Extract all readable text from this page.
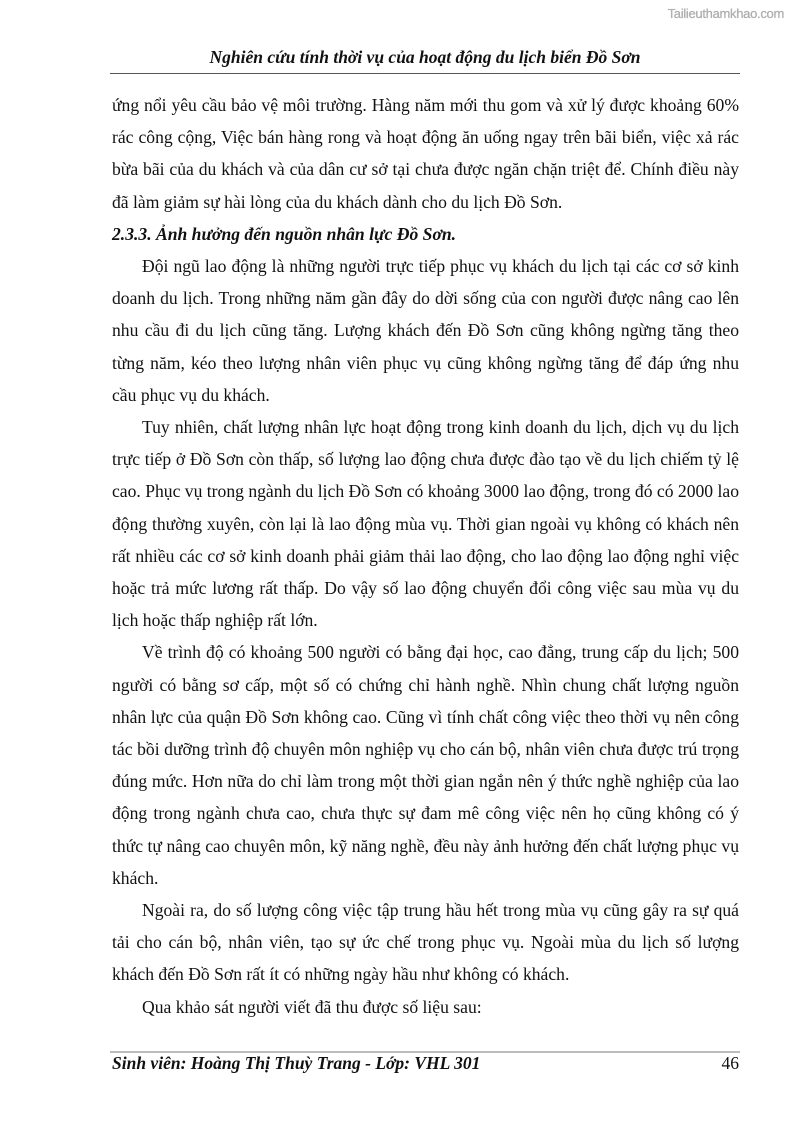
Tailieuthamkhao.com
Nghiên cứu tính thời vụ của hoạt động du lịch biển Đồ Sơn

ứng nổi yêu cầu bảo vệ môi trường. Hàng năm mới thu gom và xử lý được khoảng 60% rác công cộng, Việc bán hàng rong và hoạt động ăn uống ngay trên bãi biển, việc xả rác bừa bãi của du khách và của dân cư sở tại chưa được ngăn chặn triệt để. Chính điều này đã làm giảm sự hài lòng của du khách dành cho du lịch Đồ Sơn.

2.3.3. Ảnh hưởng đến nguồn nhân lực Đồ Sơn.

Đội ngũ lao động là những người trực tiếp phục vụ khách du lịch tại các cơ sở kinh doanh du lịch. Trong những năm gần đây do dời sống của con người được nâng cao lên nhu cầu đi du lịch cũng tăng. Lượng khách đến Đồ Sơn cũng không ngừng tăng theo từng năm, kéo theo lượng nhân viên phục vụ cũng không ngừng tăng để đáp ứng nhu cầu phục vụ du khách.

Tuy nhiên, chất lượng nhân lực hoạt động trong kinh doanh du lịch, dịch vụ du lịch trực tiếp ở Đồ Sơn còn thấp, số lượng lao động chưa được đào tạo về du lịch chiếm tỷ lệ cao. Phục vụ trong ngành du lịch Đồ Sơn có khoảng 3000 lao động, trong đó có 2000 lao động thường xuyên, còn lại là lao động mùa vụ. Thời gian ngoài vụ không có khách nên rất nhiều các cơ sở kinh doanh phải giảm thải lao động, cho lao động lao động nghỉ việc hoặc trả mức lương rất thấp. Do vậy số lao động chuyển đổi công việc sau mùa vụ du lịch hoặc thấp nghiệp rất lớn.

Về trình độ có khoảng 500 người có bằng đại học, cao đẳng, trung cấp du lịch; 500 người có bằng sơ cấp, một số có chứng chỉ hành nghề. Nhìn chung chất lượng nguồn nhân lực của quận Đồ Sơn không cao. Cũng vì tính chất công việc theo thời vụ nên công tác bồi dưỡng trình độ chuyên môn nghiệp vụ cho cán bộ, nhân viên chưa được trú trọng đúng mức. Hơn nữa do chỉ làm trong một thời gian ngắn nên ý thức nghề nghiệp của lao động trong ngành chưa cao, chưa thực sự đam mê công việc nên họ cũng không có ý thức tự nâng cao chuyên môn, kỹ năng nghề, đều này ảnh hưởng đến chất lượng phục vụ khách.

Ngoài ra, do số lượng công việc tập trung hầu hết trong mùa vụ cũng gây ra sự quá tải cho cán bộ, nhân viên, tạo sự ức chế trong phục vụ. Ngoài mùa du lịch số lượng khách đến Đồ Sơn rất ít có những ngày hầu như không có khách.

Qua khảo sát người viết đã thu được số liệu sau:

Sinh viên: Hoàng Thị Thuỳ Trang - Lớp: VHL 301	46
